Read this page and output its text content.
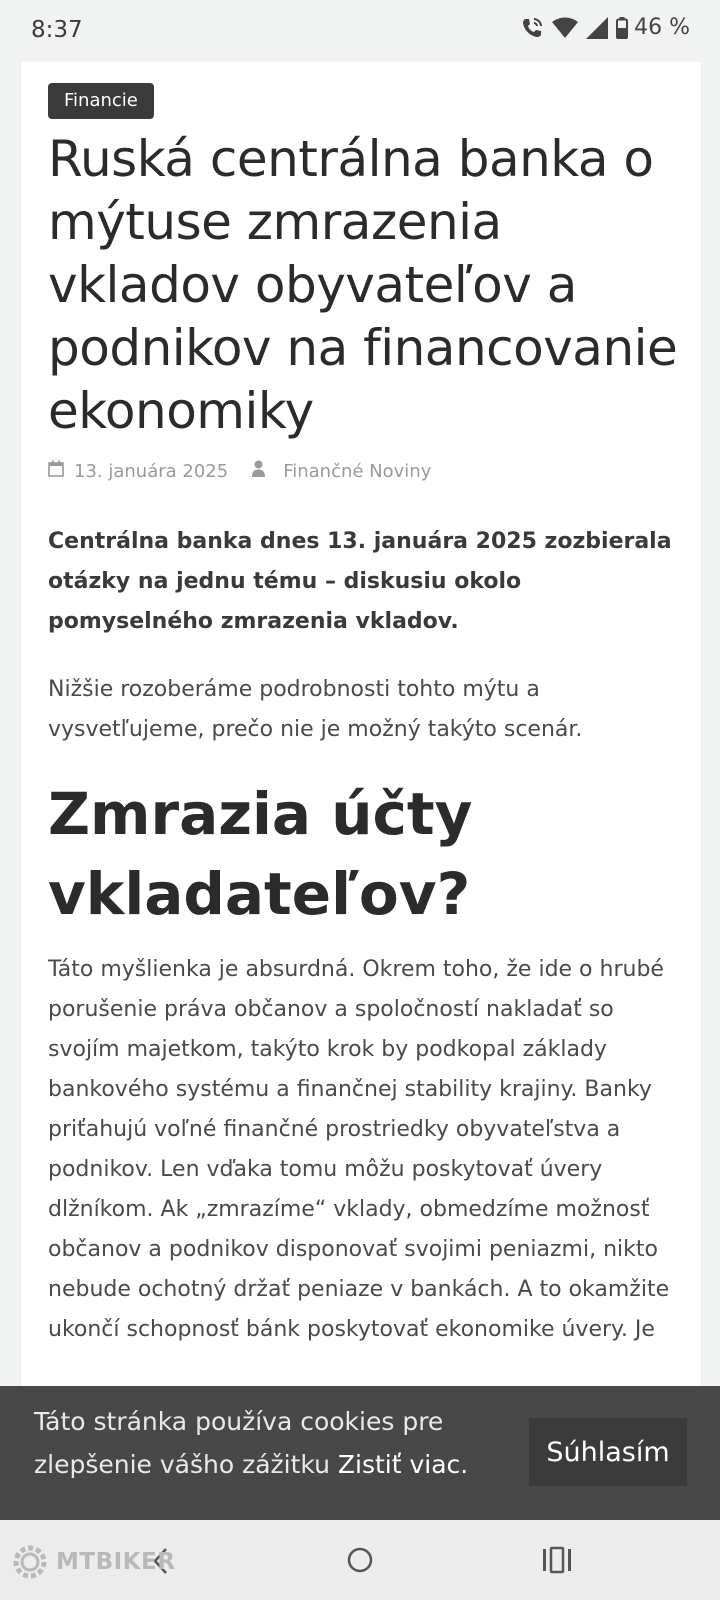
8:37	46 %
Financie
Ruská centrálna banka o mýtuse zmrazenia vkladov obyvateľov a podnikov na financovanie ekonomiky
13. januára 2025	Finančné Noviny

Centrálna banka dnes 13. januára 2025 zozbierala otázky na jednu tému – diskusiu okolo pomyselného zmrazenia vkladov.

Nižšie rozoberáme podrobnosti tohto mýtu a vysvetľujeme, prečo nie je možný takýto scenár.

Zmrazia účty vkladateľov?

Táto myšlienka je absurdná. Okrem toho, že ide o hrubé porušenie práva občanov a spoločností nakladať so svojím majetkom, takýto krok by podkopal základy bankového systému a finančnej stability krajiny. Banky priťahujú voľné finančné prostriedky obyvateľstva a podnikov. Len vďaka tomu môžu poskytovať úvery dlžníkom. Ak „zmrazíme“ vklady, obmedzíme možnosť občanov a podnikov disponovať svojimi peniazmi, nikto nebude ochotný držať peniaze v bankách. A to okamžite ukončí schopnosť bánk poskytovať ekonomike úvery. Je

Táto stránka používa cookies pre zlepšenie vášho zážitku Zistiť viac.	Súhlasím
MTBIKER
